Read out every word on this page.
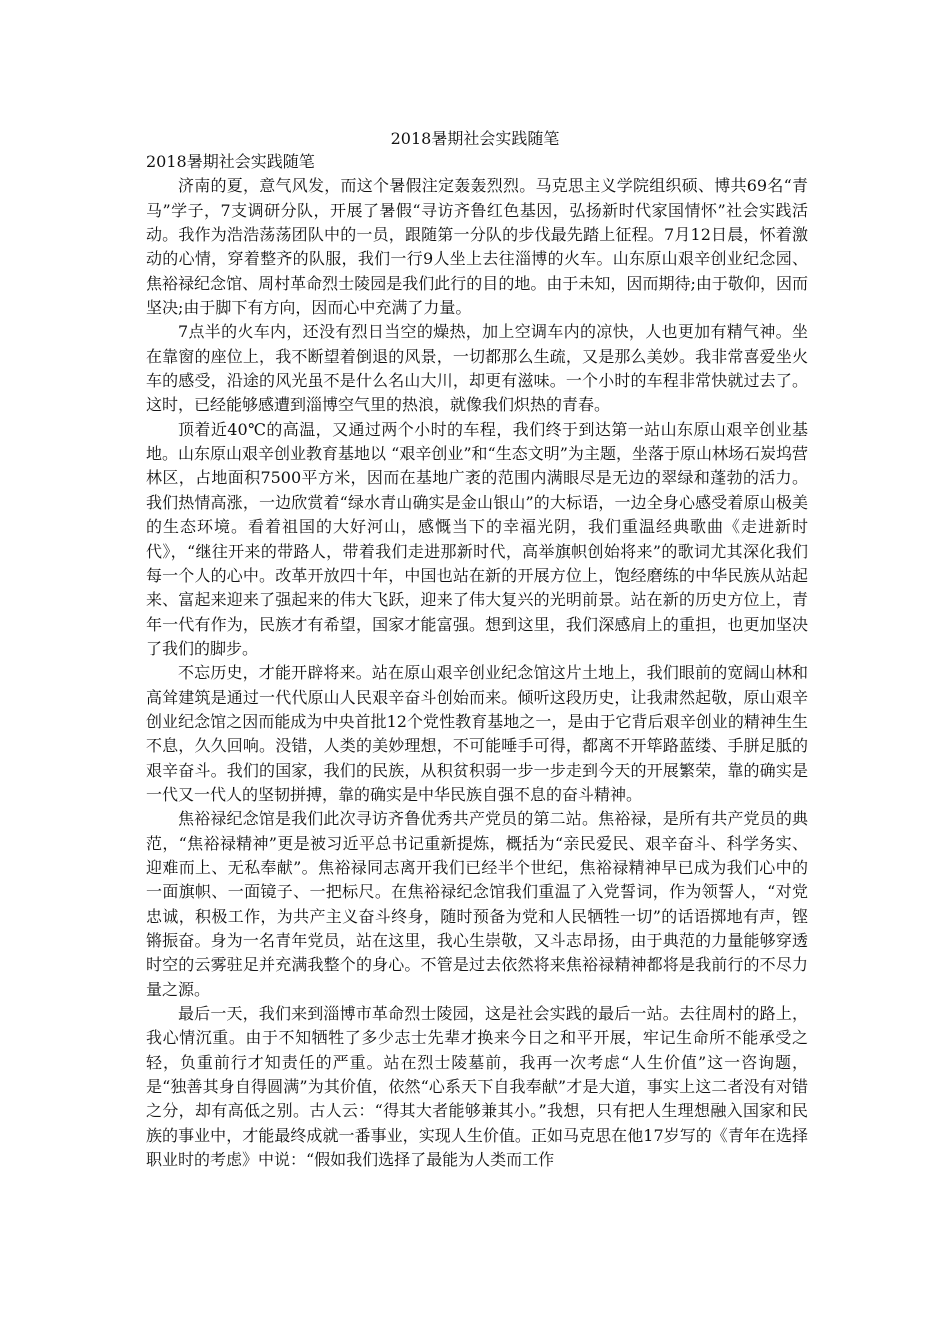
2018暑期社会实践随笔

2018暑期社会实践随笔

济南的夏，意气风发，而这个暑假注定轰轰烈烈。马克思主义学院组织硕、博共69名“青马”学子，7支调研分队，开展了暑假“寻访齐鲁红色基因，弘扬新时代家国情怀”社会实践活动。我作为浩浩荡荡团队中的一员，跟随第一分队的步伐最先踏上征程。7月12日晨，怀着激动的心情，穿着整齐的队服，我们一行9人坐上去往淄博的火车。山东原山艰辛创业纪念园、焦裕禄纪念馆、周村革命烈士陵园是我们此行的目的地。由于未知，因而期待;由于敬仰，因而坚决;由于脚下有方向，因而心中充满了力量。

7点半的火车内，还没有烈日当空的燥热，加上空调车内的凉快，人也更加有精气神。坐在靠窗的座位上，我不断望着倒退的风景，一切都那么生疏，又是那么美妙。我非常喜爱坐火车的感受，沿途的风光虽不是什么名山大川，却更有滋味。一个小时的车程非常快就过去了。这时，已经能够感遭到淄博空气里的热浪，就像我们炽热的青春。

顶着近40℃的高温，又通过两个小时的车程，我们终于到达第一站山东原山艰辛创业基地。山东原山艰辛创业教育基地以 “艰辛创业”和“生态文明”为主题，坐落于原山林场石炭坞营林区，占地面积7500平方米，因而在基地广袤的范围内满眼尽是无边的翠绿和蓬勃的活力。我们热情高涨，一边欣赏着“绿水青山确实是金山银山”的大标语，一边全身心感受着原山极美的生态环境。看着祖国的大好河山，感慨当下的幸福光阴，我们重温经典歌曲《走进新时代》，“继往开来的带路人，带着我们走进那新时代，高举旗帜创始将来”的歌词尤其深化我们每一个人的心中。改革开放四十年，中国也站在新的开展方位上，饱经磨练的中华民族从站起来、富起来迎来了强起来的伟大飞跃，迎来了伟大复兴的光明前景。站在新的历史方位上，青年一代有作为，民族才有希望，国家才能富强。想到这里，我们深感肩上的重担，也更加坚决了我们的脚步。

不忘历史，才能开辟将来。站在原山艰辛创业纪念馆这片土地上，我们眼前的宽阔山林和高耸建筑是通过一代代原山人民艰辛奋斗创始而来。倾听这段历史，让我肃然起敬，原山艰辛创业纪念馆之因而能成为中央首批12个党性教育基地之一，是由于它背后艰辛创业的精神生生不息，久久回响。没错，人类的美妙理想，不可能唾手可得，都离不开筚路蓝缕、手胼足胝的艰辛奋斗。我们的国家，我们的民族，从积贫积弱一步一步走到今天的开展繁荣，靠的确实是一代又一代人的坚韧拼搏，靠的确实是中华民族自强不息的奋斗精神。

焦裕禄纪念馆是我们此次寻访齐鲁优秀共产党员的第二站。焦裕禄，是所有共产党员的典范，“焦裕禄精神”更是被习近平总书记重新提炼，概括为“亲民爱民、艰辛奋斗、科学务实、迎难而上、无私奉献”。焦裕禄同志离开我们已经半个世纪，焦裕禄精神早已成为我们心中的一面旗帜、一面镜子、一把标尺。在焦裕禄纪念馆我们重温了入党誓词，作为领誓人，“对党忠诚，积极工作，为共产主义奋斗终身，随时预备为党和人民牺牲一切”的话语掷地有声，铿锵振奋。身为一名青年党员，站在这里，我心生崇敬，又斗志昂扬，由于典范的力量能够穿透时空的云雾驻足并充满我整个的身心。不管是过去依然将来焦裕禄精神都将是我前行的不尽力量之源。

最后一天，我们来到淄博市革命烈士陵园，这是社会实践的最后一站。去往周村的路上，我心情沉重。由于不知牺牲了多少志士先辈才换来今日之和平开展，牢记生命所不能承受之轻，负重前行才知责任的严重。站在烈士陵墓前，我再一次考虑“人生价值”这一咨询题，是“独善其身自得圆满”为其价值，依然“心系天下自我奉献”才是大道，事实上这二者没有对错之分，却有高低之别。古人云：“得其大者能够兼其小。”我想，只有把人生理想融入国家和民族的事业中，才能最终成就一番事业，实现人生价值。正如马克思在他17岁写的《青年在选择职业时的考虑》中说：“假如我们选择了最能为人类而工作
